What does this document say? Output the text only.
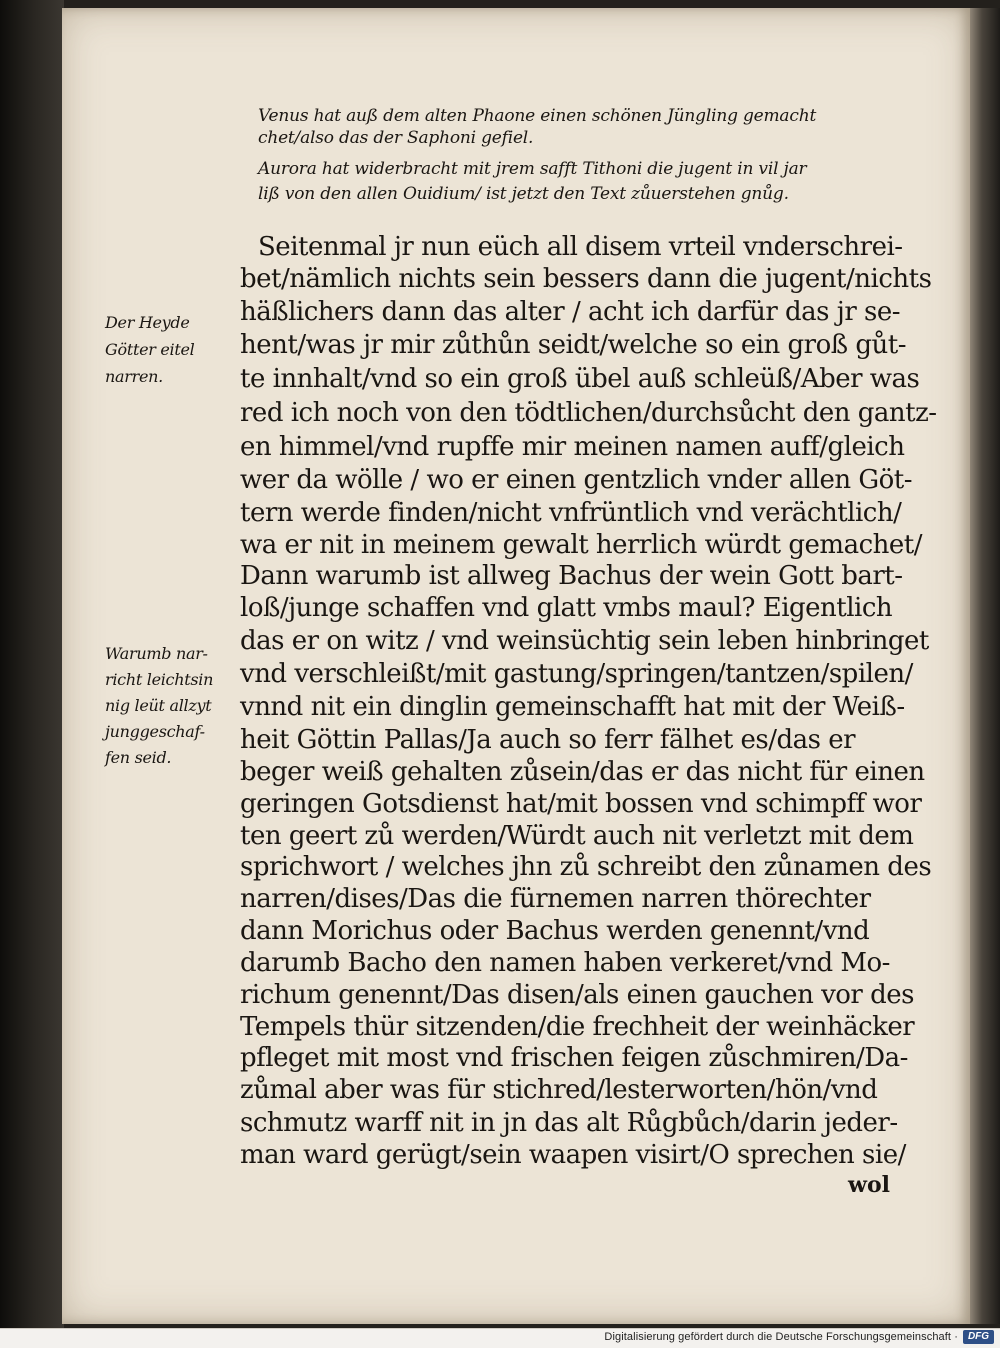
Venus hat auß dem alten Phaone einen schönen Jüngling gemacht
chet/also das der Saphoni gefiel.
Aurora hat widerbracht mit jrem safft Tithoni die jugent in vil jar
liß von den allen Ouidium/ ist jetzt den Text zůuerstehen gnůg.
Seitenmal jr nun eüch all disem vrteil vnderschrei-
bet/nämlich nichts sein bessers dann die jugent/nichts
häßlichers dann das alter / acht ich darfür das jr se-
hent/was jr mir zůthůn seidt/welche so ein groß gůt-
te innhalt/vnd so ein groß übel auß schleüß/Aber was
red ich noch von den tödtlichen/durchsůcht den gantz-
en himmel/vnd rupffe mir meinen namen auff/gleich
wer da wölle / wo er einen gentzlich vnder allen Göt-
tern werde finden/nicht vnfrüntlich vnd verächtlich/
wa er nit in meinem gewalt herrlich würdt gemachet/
Dann warumb ist allweg Bachus der wein Gott bart-
loß/junge schaffen vnd glatt vmbs maul? Eigentlich
das er on witz / vnd weinsüchtig sein leben hinbringet
vnd verschleißt/mit gastung/springen/tantzen/spilen/
vnnd nit ein dinglin gemeinschafft hat mit der Weiß-
heit Göttin Pallas/Ja auch so ferr fälhet es/das er
beger weiß gehalten zůsein/das er das nicht für einen
geringen Gotsdienst hat/mit bossen vnd schimpff wor
ten geert zů werden/Würdt auch nit verletzt mit dem
sprichwort / welches jhn zů schreibt den zůnamen des
narren/dises/Das die fürnemen narren thörechter
dann Morichus oder Bachus werden genennt/vnd
darumb Bacho den namen haben verkeret/vnd Mo-
richum genennt/Das disen/als einen gauchen vor des
Tempels thür sitzenden/die frechheit der weinhäcker
pfleget mit most vnd frischen feigen zůschmiren/Da-
zůmal aber was für stichred/lesterworten/hön/vnd
schmutz warff nit in jn das alt Růgbůch/darin jeder-
man ward gerügt/sein waapen visirt/O sprechen sie/
wol
Der Heyde
Götter eitel
narren.
Warumb nar-
richt leichtsin
nig leüt allzyt
junggeschaf-
fen seid.
Digitalisierung gefördert durch die Deutsche Forschungsgemeinschaft · DFG
